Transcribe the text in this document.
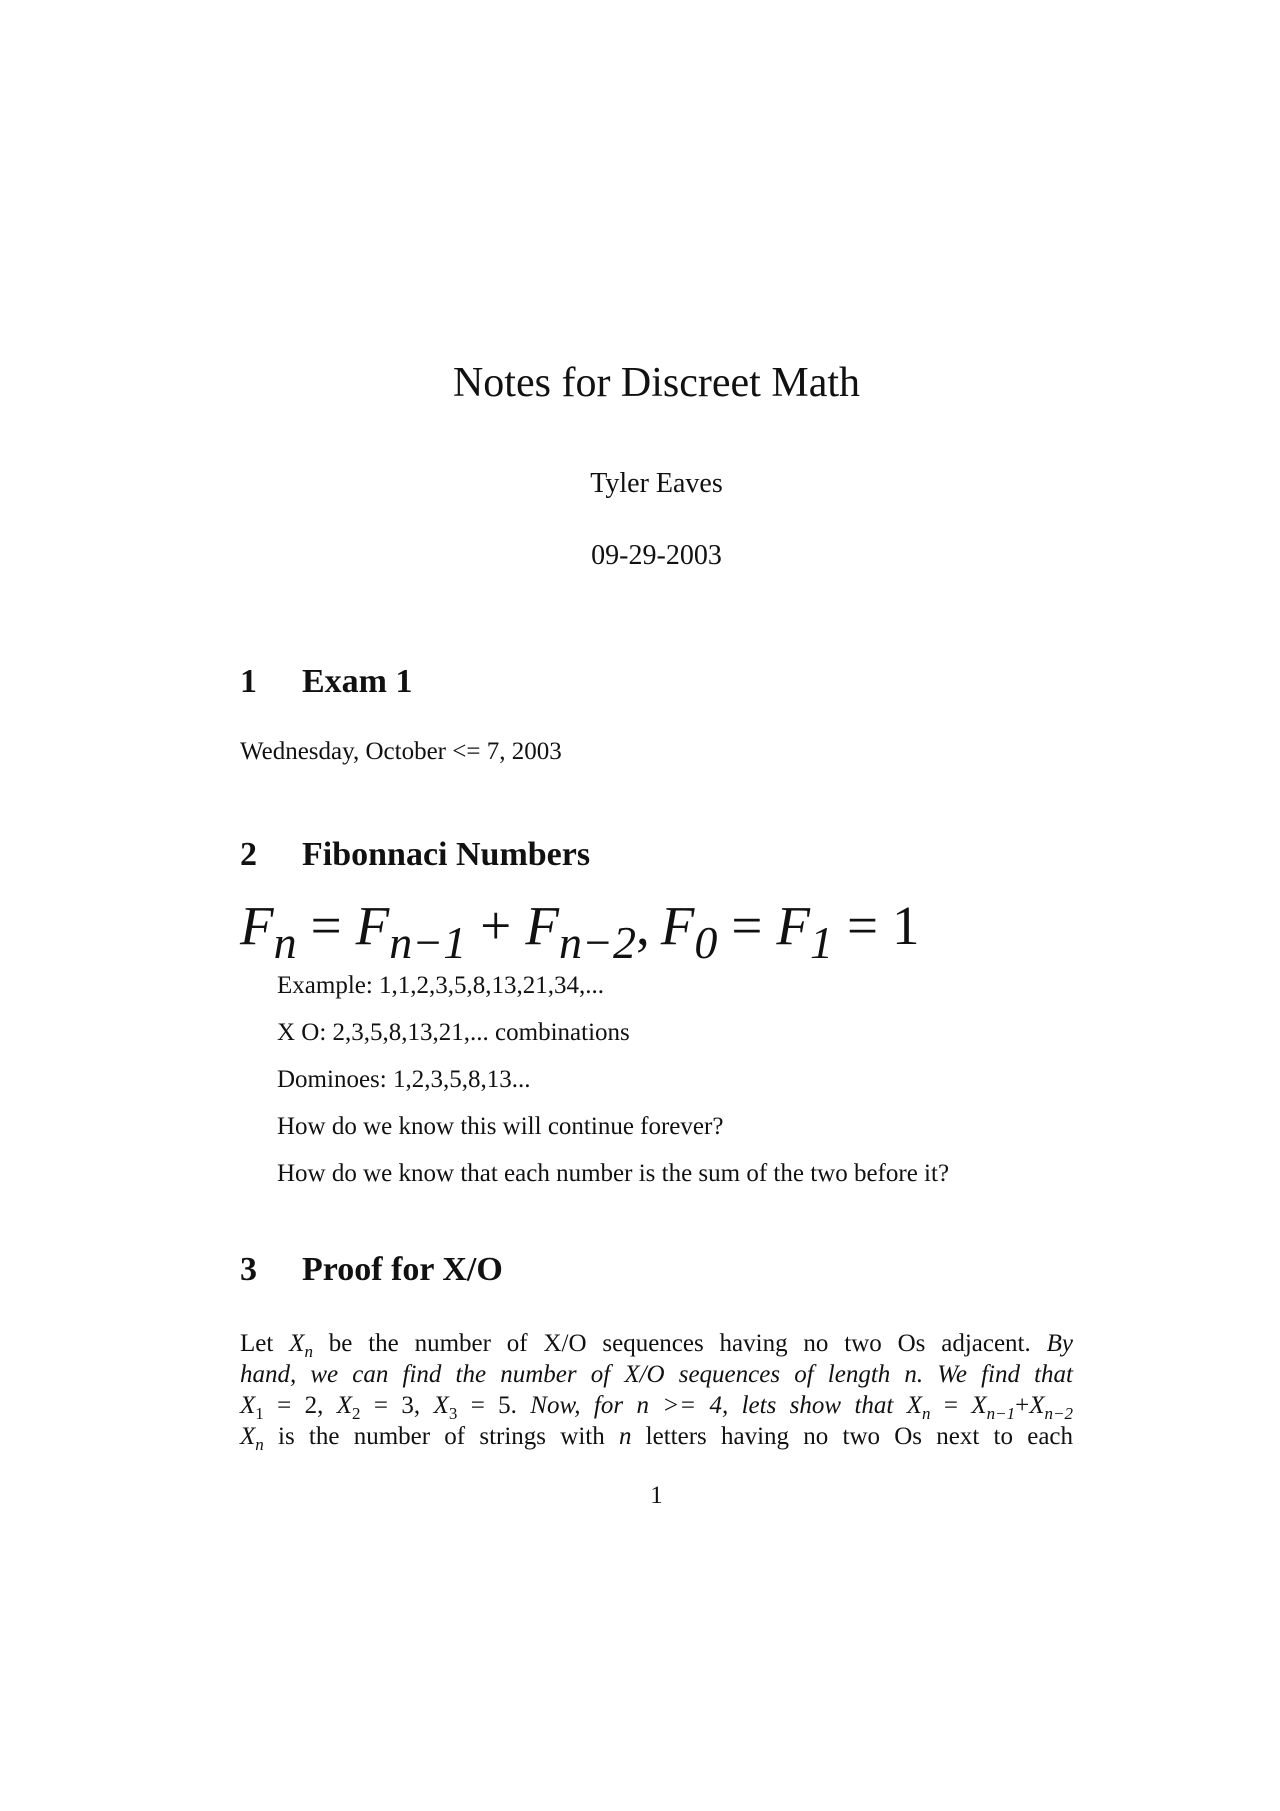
Notes for Discreet Math
Tyler Eaves
09-29-2003
1 Exam 1
Wednesday, October <= 7, 2003
2 Fibonnaci Numbers
$F_n = F_{n-1} + F_{n-2}$,  $F_0 = F_1 = 1$
Example: 1,1,2,3,5,8,13,21,34,...
X O: 2,3,5,8,13,21,... combinations
Dominoes: 1,2,3,5,8,13...
How do we know this will continue forever?
How do we know that each number is the sum of the two before it?
3 Proof for X/O
Let $X_n$ be the number of X/O sequences having no two Os adjacent. By
hand, we can find the number of X/O sequences of length n. We find that
$X_1 = 2$, $X_2 = 3$, $X_3 = 5$. Now, for n >= 4, lets show that $X_n = X_{n-1}+X_{n-2}$
$X_n$ is the number of strings with n letters having no two Os next to each
1
